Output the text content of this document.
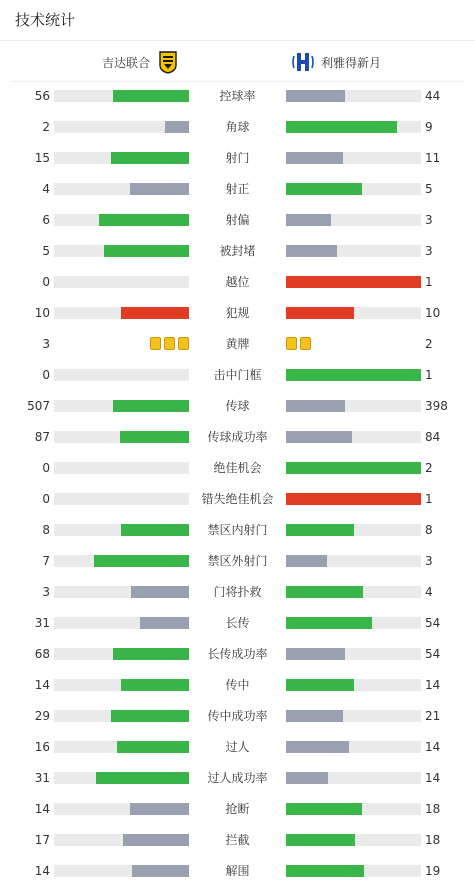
技术统计
吉达联合	利雅得新月
56	控球率	44
2	角球	9
15	射门	11
4	射正	5
6	射偏	3
5	被封堵	3
0	越位	1
10	犯规	10
3	黄牌	2
0	击中门框	1
507	传球	398
87	传球成功率	84
0	绝佳机会	2
0	错失绝佳机会	1
8	禁区内射门	8
7	禁区外射门	3
3	门将扑救	4
31	长传	54
68	长传成功率	54
14	传中	14
29	传中成功率	21
16	过人	14
31	过人成功率	14
14	抢断	18
17	拦截	18
14	解围	19
